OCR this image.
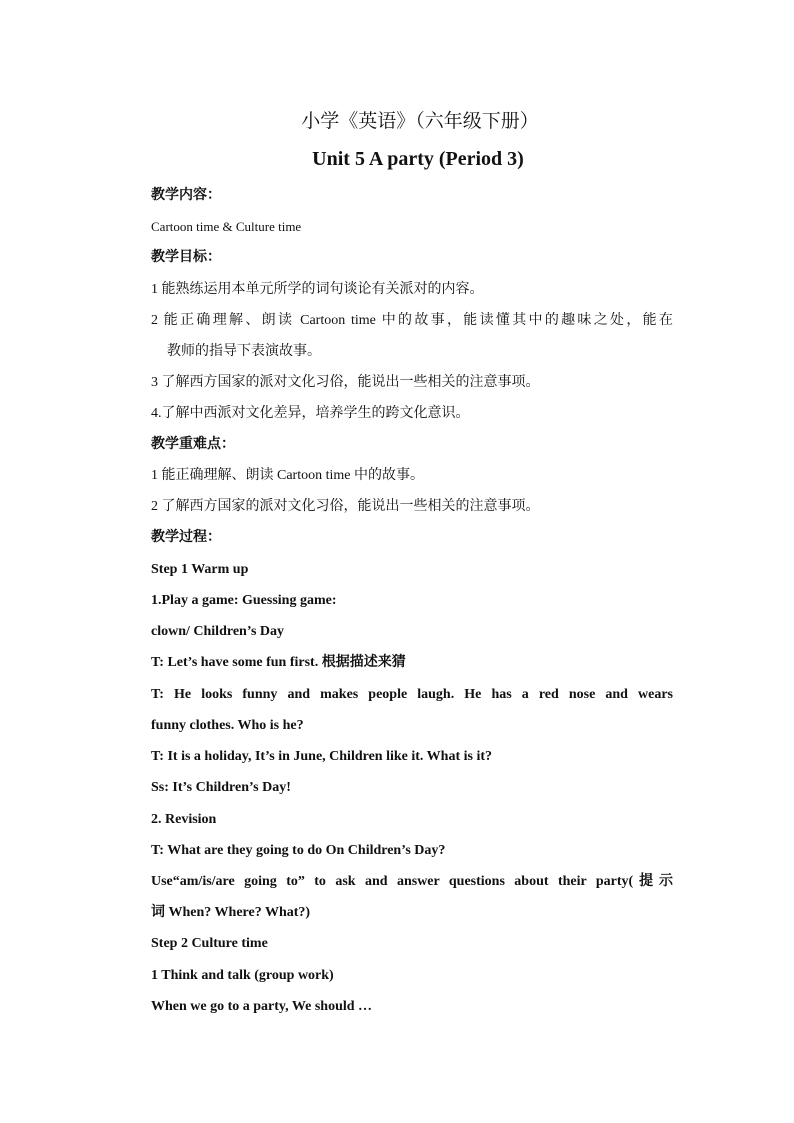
小学《英语》（六年级下册）
Unit 5 A party (Period 3)
教学内容：
Cartoon time & Culture time
教学目标：
1 能熟练运用本单元所学的词句谈论有关派对的内容。
2 能正确理解、朗读 Cartoon time 中的故事，能读懂其中的趣味之处，能在
教师的指导下表演故事。
3 了解西方国家的派对文化习俗，能说出一些相关的注意事项。
4.了解中西派对文化差异，培养学生的跨文化意识。
教学重难点：
1 能正确理解、朗读 Cartoon time 中的故事。
2 了解西方国家的派对文化习俗，能说出一些相关的注意事项。
教学过程：
Step 1 Warm up
1.Play a game: Guessing game:
clown/ Children’s Day
T: Let’s have some fun first. 根据描述来猜
T: He looks funny and makes people laugh. He has a red nose and wears
funny clothes. Who is he?
T: It is a holiday, It’s in June, Children like it. What is it?
Ss: It’s Children’s Day!
2. Revision
T: What are they going to do On Children’s Day?
Use“am/is/are going to” to ask and answer questions about their party(提示
词 When? Where? What?)
Step 2 Culture time
1 Think and talk (group work)
When we go to a party, We should …
